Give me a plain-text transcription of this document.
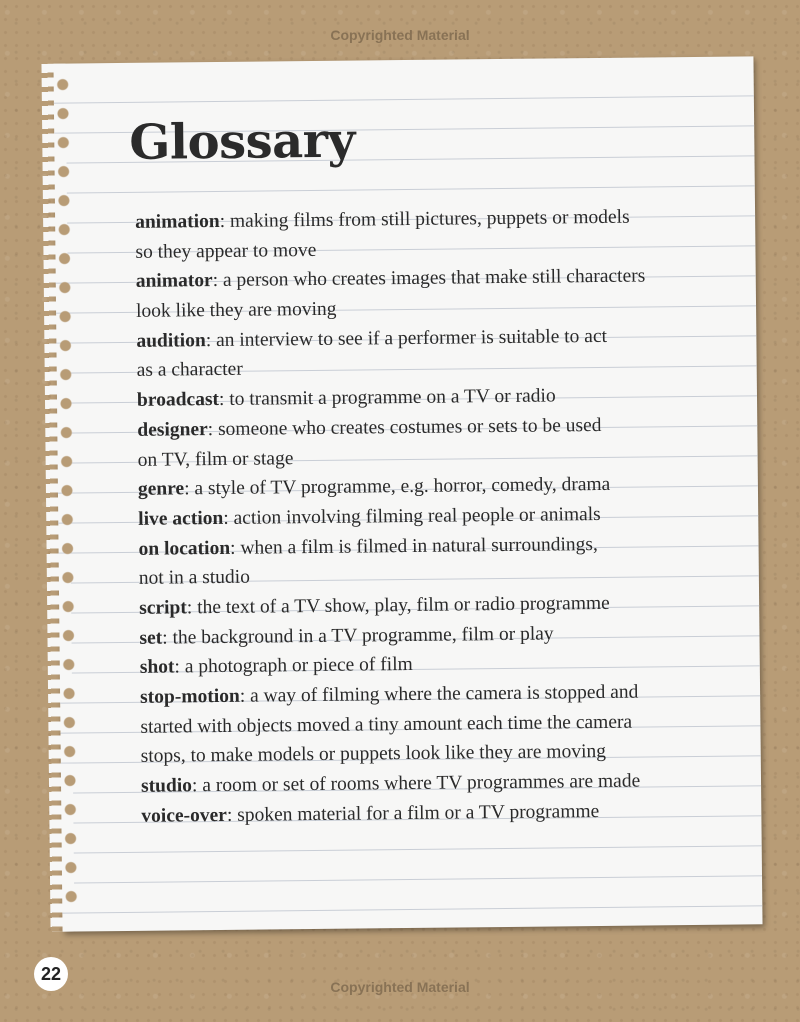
Copyrighted Material
Glossary
animation: making films from still pictures, puppets or models
so they appear to move
animator: a person who creates images that make still characters
look like they are moving
audition: an interview to see if a performer is suitable to act
as a character
broadcast: to transmit a programme on a TV or radio
designer: someone who creates costumes or sets to be used
on TV, film or stage
genre: a style of TV programme, e.g. horror, comedy, drama
live action: action involving filming real people or animals
on location: when a film is filmed in natural surroundings,
not in a studio
script: the text of a TV show, play, film or radio programme
set: the background in a TV programme, film or play
shot: a photograph or piece of film
stop-motion: a way of filming where the camera is stopped and
started with objects moved a tiny amount each time the camera
stops, to make models or puppets look like they are moving
studio: a room or set of rooms where TV programmes are made
voice-over: spoken material for a film or a TV programme
Copyrighted Material
22
